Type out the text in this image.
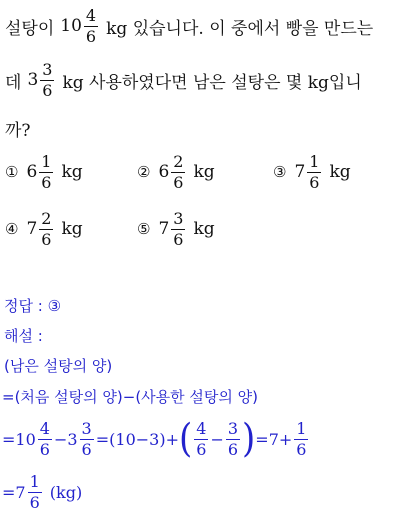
설탕이 $10 \frac{4}{6}$ kg 있습니다. 이 중에서 빵을 만드는
데 $3 \frac{3}{6}$ kg 사용하였다면 남은 설탕은 몇 kg입니
까?
① $6 \frac{1}{6}$ kg	② $6 \frac{2}{6}$ kg	③ $7 \frac{1}{6}$ kg
④ $7 \frac{2}{6}$ kg	⑤ $7 \frac{3}{6}$ kg
정답 : ③
해설 :
(남은 설탕의 양)
=(처음 설탕의 양)−(사용한 설탕의 양)
= $10 \frac{4}{6} - 3 \frac{3}{6} = (10-3)+$ ( $\frac{4}{6} - \frac{3}{6}$ ) $=7+ \frac{1}{6}$
$=7 \frac{1}{6} (kg)$
